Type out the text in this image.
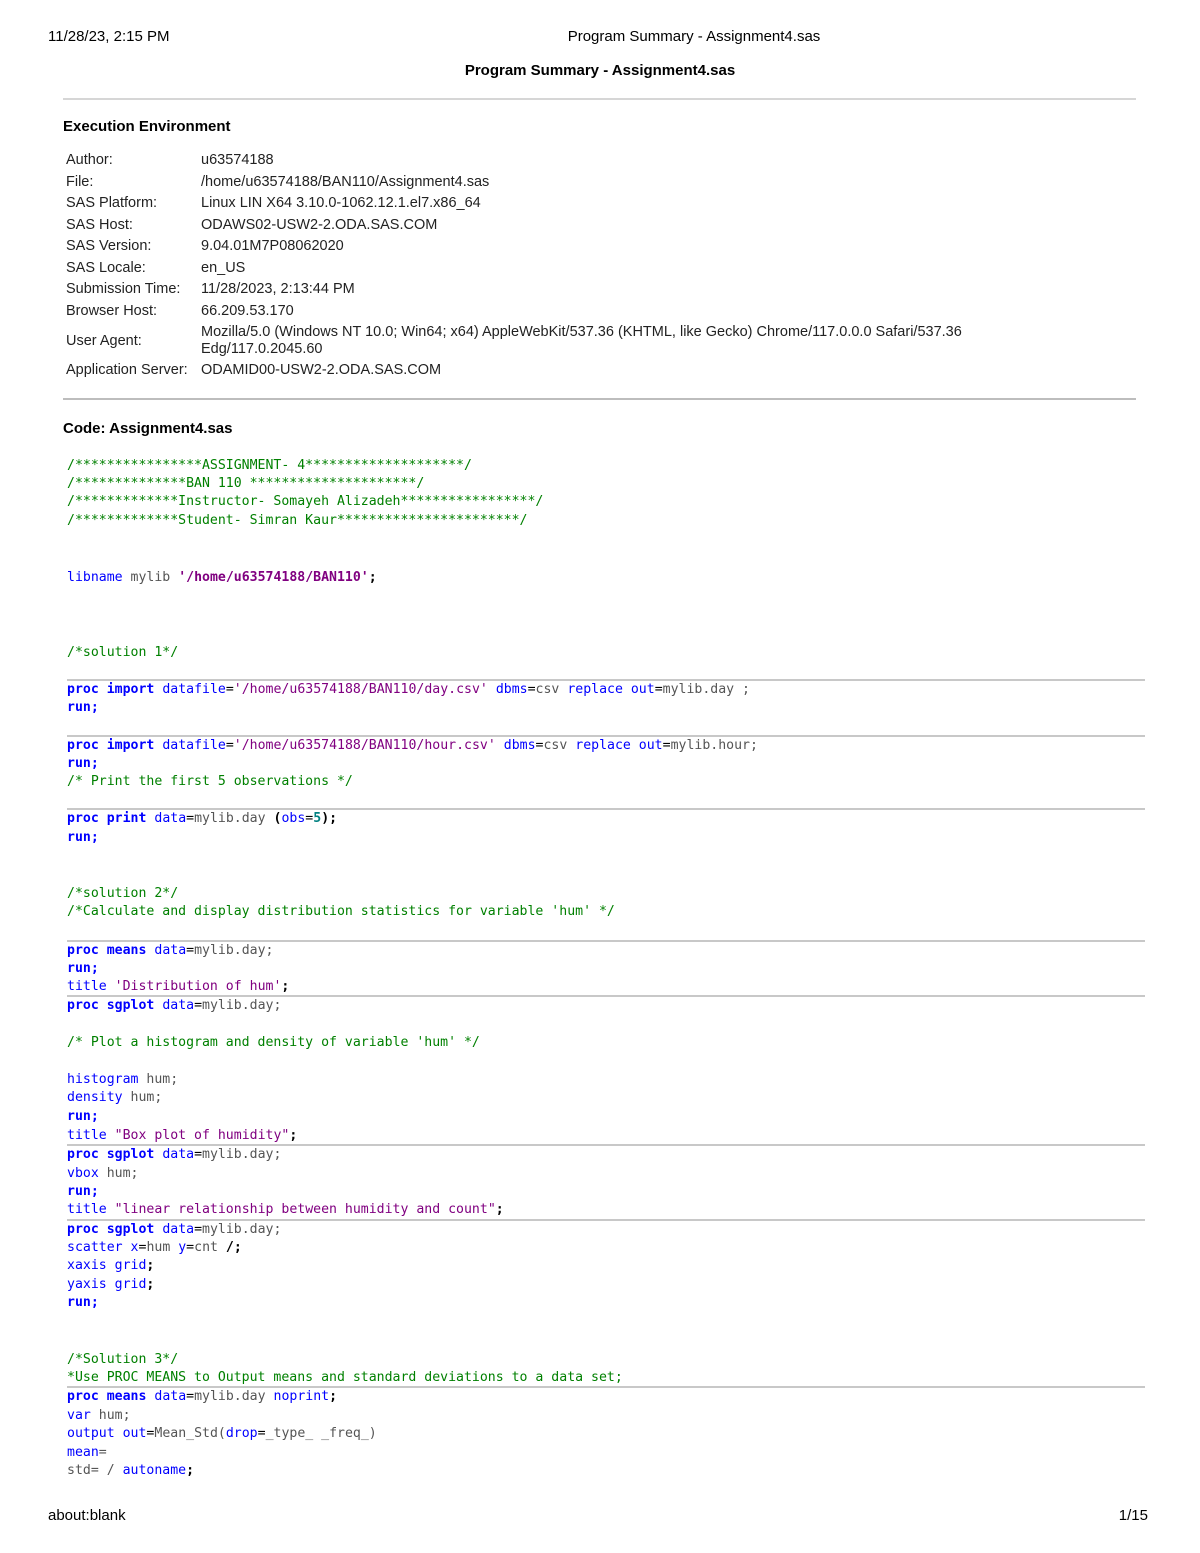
11/28/23, 2:15 PM	Program Summary - Assignment4.sas
Program Summary - Assignment4.sas
Execution Environment
Author:	u63574188
File:	/home/u63574188/BAN110/Assignment4.sas
SAS Platform:	Linux LIN X64 3.10.0-1062.12.1.el7.x86_64
SAS Host:	ODAWS02-USW2-2.ODA.SAS.COM
SAS Version:	9.04.01M7P08062020
SAS Locale:	en_US
Submission Time:	11/28/2023, 2:13:44 PM
Browser Host:	66.209.53.170
User Agent:	Mozilla/5.0 (Windows NT 10.0; Win64; x64) AppleWebKit/537.36 (KHTML, like Gecko) Chrome/117.0.0.0 Safari/537.36 Edg/117.0.2045.60
Application Server:	ODAMID00-USW2-2.ODA.SAS.COM
Code: Assignment4.sas
/****************ASSIGNMENT- 4********************/
/**************BAN 110 *********************/
/*************Instructor- Somayeh Alizadeh*****************/
/*************Student- Simran Kaur***********************/
libname mylib '/home/u63574188/BAN110';
/*solution 1*/
proc import datafile='/home/u63574188/BAN110/day.csv' dbms=csv replace out=mylib.day ;
run;
proc import datafile='/home/u63574188/BAN110/hour.csv' dbms=csv replace out=mylib.hour;
run;
/* Print the first 5 observations */
proc print data=mylib.day (obs=5);
run;
/*solution 2*/
/*Calculate and display distribution statistics for variable 'hum' */
proc means data=mylib.day;
run;
title 'Distribution of hum';
proc sgplot data=mylib.day;
/* Plot a histogram and density of variable 'hum' */
histogram hum;
density hum;
run;
title "Box plot of humidity";
proc sgplot data=mylib.day;
vbox hum;
run;
title "linear relationship between humidity and count";
proc sgplot data=mylib.day;
scatter x=hum y=cnt /;
xaxis grid;
yaxis grid;
run;
/*Solution 3*/
*Use PROC MEANS to Output means and standard deviations to a data set;
proc means data=mylib.day noprint;
var hum;
output out=Mean_Std(drop=_type_ _freq_)
mean=
std= / autoname;
about:blank	1/15
